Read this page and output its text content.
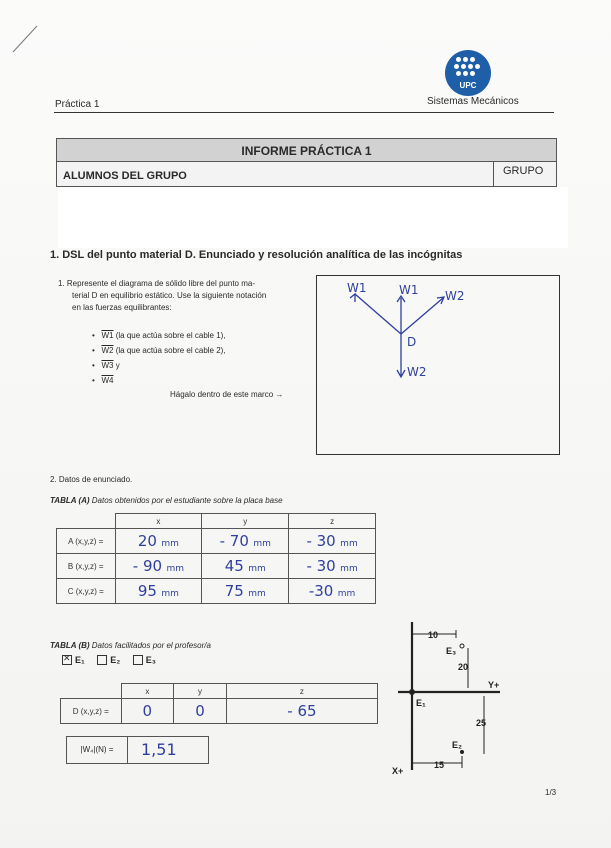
UPC
Práctica 1	Sistemas Mecánicos
INFORME PRÁCTICA 1
ALUMNOS DEL GRUPO	GRUPO
1. DSL del punto material D. Enunciado y resolución analítica de las incógnitas
1. Represente el diagrama de sólido libre del punto ma-
terial D en equilibrio estático. Use la siguiente notación
en las fuerzas equilibrantes:
•   W1 (la que actúa sobre el cable 1),
•   W2 (la que actúa sobre el cable 2),
•   W3 y
•   W4
Hágalo dentro de este marco →
W1	W1 W2
D
W2
2. Datos de enunciado.
TABLA (A) Datos obtenidos por el estudiante sobre la placa base
	x	y	z
A (x,y,z) =	20 mm	- 70 mm	- 30 mm
B (x,y,z) =	- 90 mm	45 mm	- 30 mm
C (x,y,z) =	95 mm	75 mm	-30 mm
TABLA (B) Datos facilitados por el profesor/a
✕E₁	E₂	E₃
	x	y	z
D (x,y,z) =	0	0	- 65
|W₄|(N) =	1,51
10
20
25
15
Y+
X+
E₁
E₂
E₃
1/3
